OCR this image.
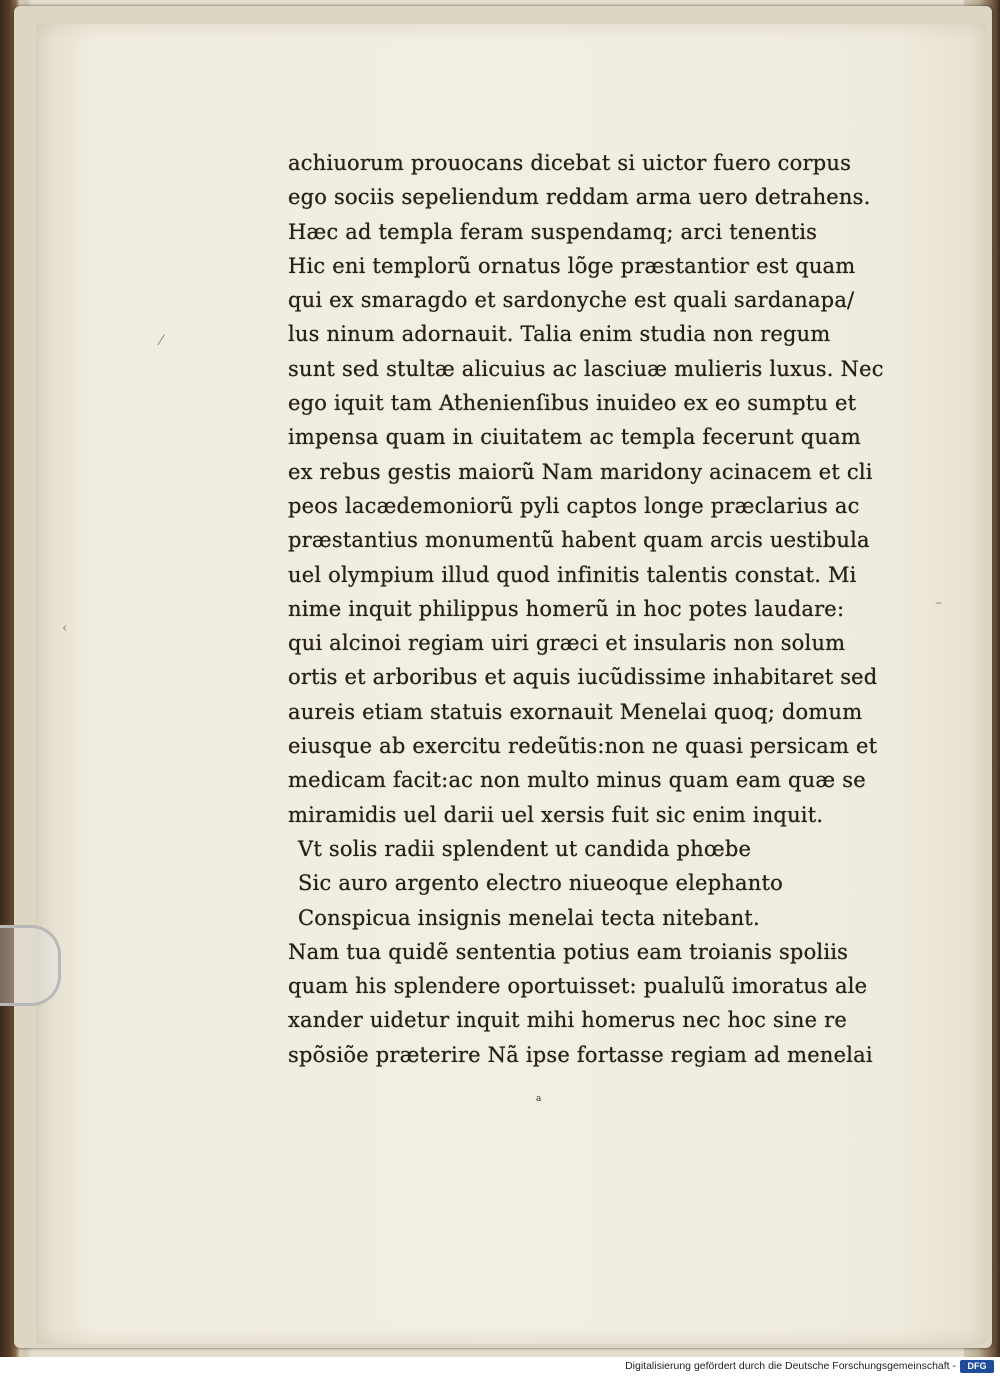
⁄
‹
–
achiuorum prouocans dicebat si uictor fuero corpus
ego sociis sepeliendum reddam arma uero detrahens.
Hæc ad templa feram suspendamq; arci tenentis
Hic eni templorũ ornatus lõge præstantior est quam
qui ex smaragdo et sardonyche est quali sardanapa/
lus ninum adornauit. Talia enim studia non regum
sunt sed stultæ alicuius ac lasciuæ mulieris luxus. Nec
ego iquit tam Athenienſibus inuideo ex eo sumptu et
impensa quam in ciuitatem ac templa fecerunt quam
ex rebus gestis maiorũ Nam maridony acinacem et cli
peos lacædemoniorũ pyli captos longe præclarius ac
præstantius monumentũ habent quam arcis uestibula
uel olympium illud quod infinitis talentis constat. Mi
nime inquit philippus homerũ in hoc potes laudare:
qui alcinoi regiam uiri græci et insularis non solum
ortis et arboribus et aquis iucũdissime inhabitaret sed
aureis etiam statuis exornauit Menelai quoq; domum
eiusque ab exercitu redeũtis:non ne quasi persicam et
medicam facit:ac non multo minus quam eam quæ se
miramidis uel darii uel xersis fuit sic enim inquit.
Vt solis radii splendent ut candida phœbe
Sic auro argento electro niueoque elephanto
Conspicua insignis menelai tecta nitebant.
Nam tua quidẽ sententia potius eam troianis spoliis
quam his splendere oportuisset: pualulũ imoratus ale
xander uidetur inquit mihi homerus nec hoc sine re
spõsiõe præterire Nã ipse fortasse regiam ad menelai
a
Digitalisierung gefördert durch die Deutsche Forschungsgemeinschaft -	DFG
